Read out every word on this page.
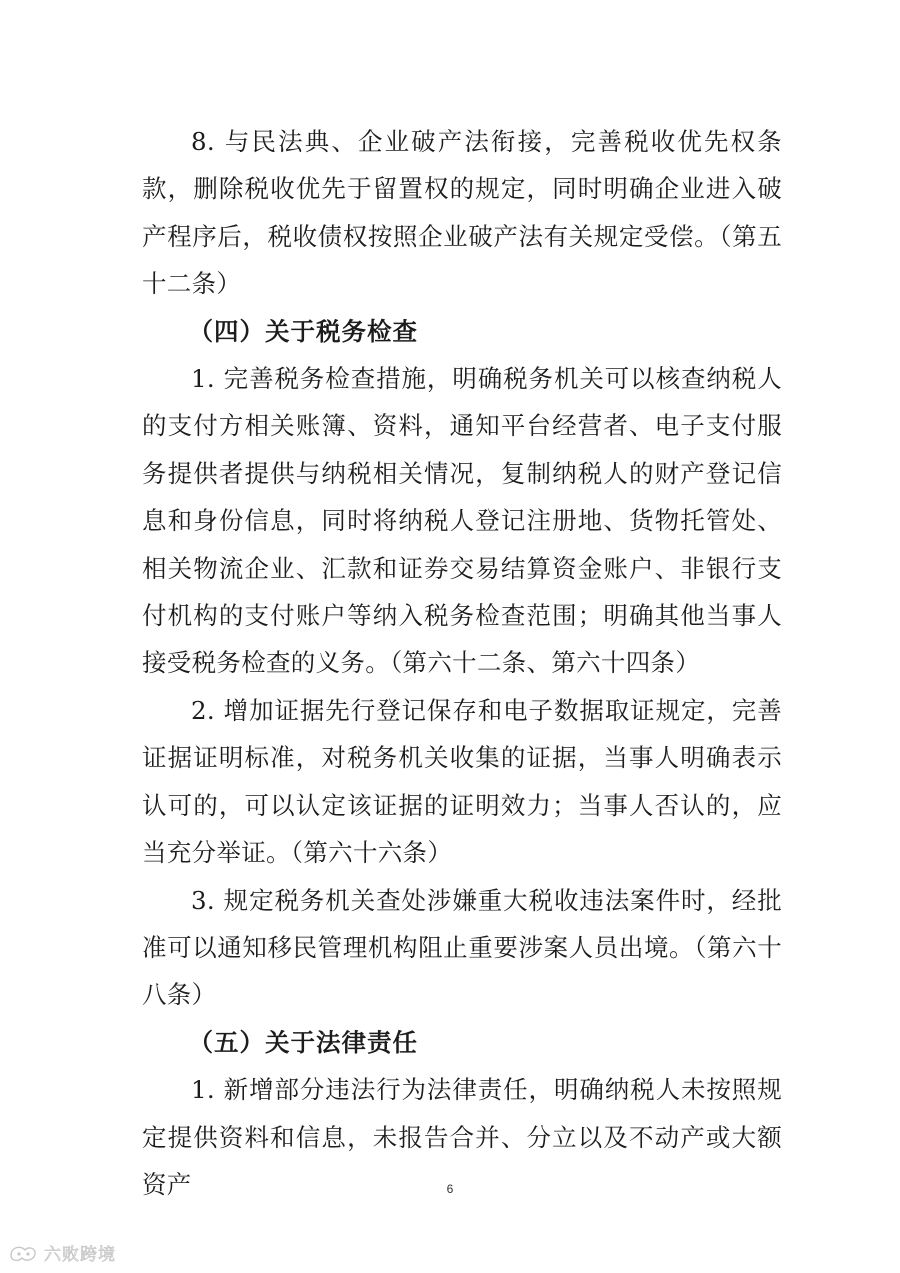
8. 与民法典、企业破产法衔接，完善税收优先权条款，删除税收优先于留置权的规定，同时明确企业进入破产程序后，税收债权按照企业破产法有关规定受偿。（第五十二条）

（四）关于税务检查

1. 完善税务检查措施，明确税务机关可以核查纳税人的支付方相关账簿、资料，通知平台经营者、电子支付服务提供者提供与纳税相关情况，复制纳税人的财产登记信息和身份信息，同时将纳税人登记注册地、货物托管处、相关物流企业、汇款和证券交易结算资金账户、非银行支付机构的支付账户等纳入税务检查范围；明确其他当事人接受税务检查的义务。（第六十二条、第六十四条）

2. 增加证据先行登记保存和电子数据取证规定，完善证据证明标准，对税务机关收集的证据，当事人明确表示认可的，可以认定该证据的证明效力；当事人否认的，应当充分举证。（第六十六条）

3. 规定税务机关查处涉嫌重大税收违法案件时，经批准可以通知移民管理机构阻止重要涉案人员出境。（第六十八条）

（五）关于法律责任

1. 新增部分违法行为法律责任，明确纳税人未按照规定提供资料和信息，未报告合并、分立以及不动产或大额资产	6
六败跨境
